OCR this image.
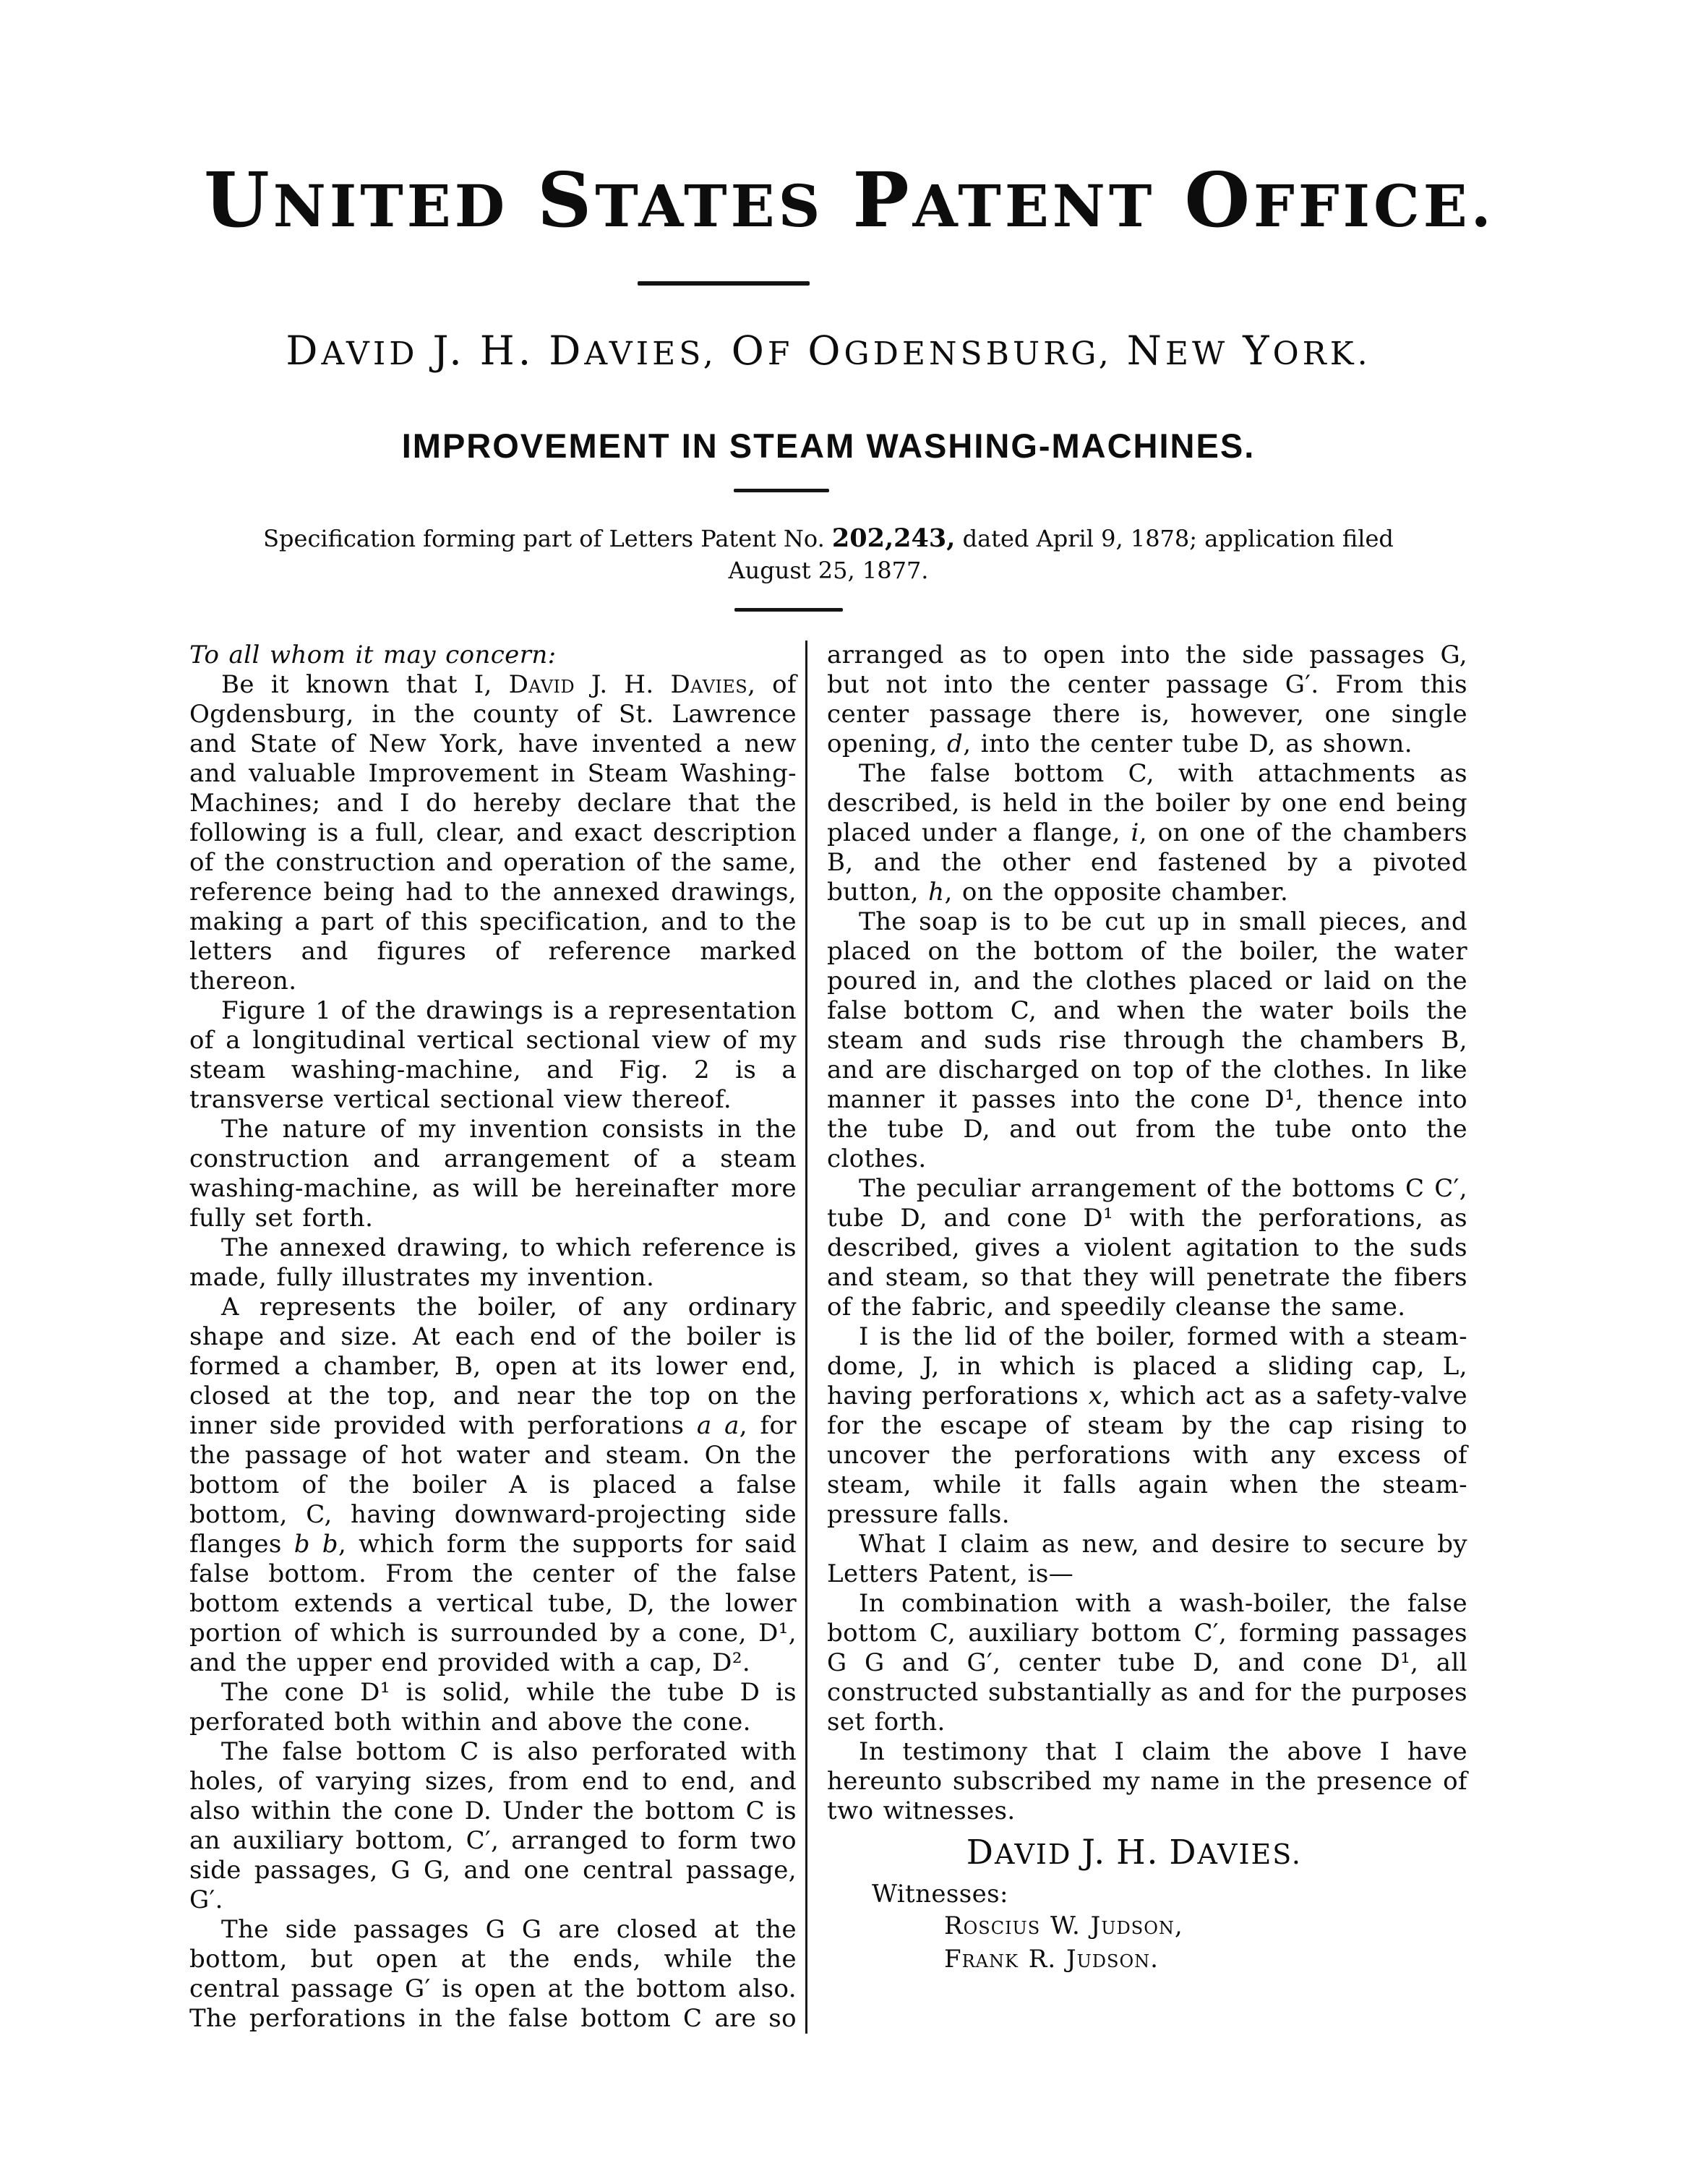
UNITED STATES PATENT OFFICE.
DAVID J. H. DAVIES, OF OGDENSBURG, NEW YORK.
IMPROVEMENT IN STEAM WASHING-MACHINES.
Specification forming part of Letters Patent No. 202,243, dated April 9, 1878; application filed
August 25, 1877.

To all whom it may concern:

Be it known that I, David J. H. Davies, of Ogdensburg, in the county of St. Lawrence and State of New York, have invented a new and valuable Improvement in Steam Washing-Machines; and I do hereby declare that the following is a full, clear, and exact description of the construction and operation of the same, reference being had to the annexed drawings, making a part of this specification, and to the letters and figures of reference marked thereon.

Figure 1 of the drawings is a representation of a longitudinal vertical sectional view of my steam washing-machine, and Fig. 2 is a transverse vertical sectional view thereof.

The nature of my invention consists in the construction and arrangement of a steam washing-machine, as will be hereinafter more fully set forth.

The annexed drawing, to which reference is made, fully illustrates my invention.

A represents the boiler, of any ordinary shape and size. At each end of the boiler is formed a chamber, B, open at its lower end, closed at the top, and near the top on the inner side provided with perforations a a, for the passage of hot water and steam. On the bottom of the boiler A is placed a false bottom, C, having downward-projecting side flanges b b, which form the supports for said false bottom. From the center of the false bottom extends a vertical tube, D, the lower portion of which is surrounded by a cone, D¹, and the upper end provided with a cap, D².

The cone D¹ is solid, while the tube D is perforated both within and above the cone.

The false bottom C is also perforated with holes, of varying sizes, from end to end, and also within the cone D. Under the bottom C is an auxiliary bottom, C′, arranged to form two side passages, G G, and one central passage, G′.

The side passages G G are closed at the bottom, but open at the ends, while the central passage G′ is open at the bottom also. The perforations in the false bottom C are so

arranged as to open into the side passages G, but not into the center passage G′. From this center passage there is, however, one single opening, d, into the center tube D, as shown.

The false bottom C, with attachments as described, is held in the boiler by one end being placed under a flange, i, on one of the chambers B, and the other end fastened by a pivoted button, h, on the opposite chamber.

The soap is to be cut up in small pieces, and placed on the bottom of the boiler, the water poured in, and the clothes placed or laid on the false bottom C, and when the water boils the steam and suds rise through the chambers B, and are discharged on top of the clothes. In like manner it passes into the cone D¹, thence into the tube D, and out from the tube onto the clothes.

The peculiar arrangement of the bottoms C C′, tube D, and cone D¹ with the perforations, as described, gives a violent agitation to the suds and steam, so that they will penetrate the fibers of the fabric, and speedily cleanse the same.

I is the lid of the boiler, formed with a steam-dome, J, in which is placed a sliding cap, L, having perforations x, which act as a safety-valve for the escape of steam by the cap rising to uncover the perforations with any excess of steam, while it falls again when the steam-pressure falls.

What I claim as new, and desire to secure by Letters Patent, is—

In combination with a wash-boiler, the false bottom C, auxiliary bottom C′, forming passages G G and G′, center tube D, and cone D¹, all constructed substantially as and for the purposes set forth.

In testimony that I claim the above I have hereunto subscribed my name in the presence of two witnesses.

DAVID J. H. DAVIES.
Witnesses:
Roscius W. Judson,
Frank R. Judson.
